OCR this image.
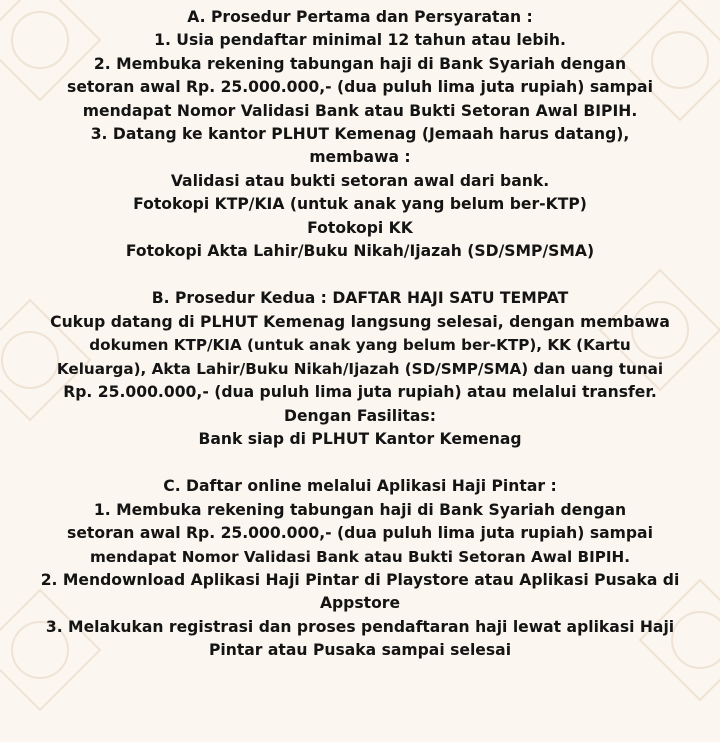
A. Prosedur Pertama dan Persyaratan :
1. Usia pendaftar minimal 12 tahun atau lebih.
2. Membuka rekening tabungan haji di Bank Syariah dengan
setoran awal Rp. 25.000.000,- (dua puluh lima juta rupiah) sampai
mendapat Nomor Validasi Bank atau Bukti Setoran Awal BIPIH.
3. Datang ke kantor PLHUT Kemenag (Jemaah harus datang),
membawa :
Validasi atau bukti setoran awal dari bank.
Fotokopi KTP/KIA (untuk anak yang belum ber-KTP)
Fotokopi KK
Fotokopi Akta Lahir/Buku Nikah/Ijazah (SD/SMP/SMA)
B. Prosedur Kedua : DAFTAR HAJI SATU TEMPAT
Cukup datang di PLHUT Kemenag langsung selesai, dengan membawa
dokumen KTP/KIA (untuk anak yang belum ber-KTP), KK (Kartu
Keluarga), Akta Lahir/Buku Nikah/Ijazah (SD/SMP/SMA) dan uang tunai
Rp. 25.000.000,- (dua puluh lima juta rupiah) atau melalui transfer.
Dengan Fasilitas:
Bank siap di PLHUT Kantor Kemenag
C. Daftar online melalui Aplikasi Haji Pintar :
1. Membuka rekening tabungan haji di Bank Syariah dengan
setoran awal Rp. 25.000.000,- (dua puluh lima juta rupiah) sampai
mendapat Nomor Validasi Bank atau Bukti Setoran Awal BIPIH.
2. Mendownload Aplikasi Haji Pintar di Playstore atau Aplikasi Pusaka di
Appstore
3. Melakukan registrasi dan proses pendaftaran haji lewat aplikasi Haji
Pintar atau Pusaka sampai selesai
